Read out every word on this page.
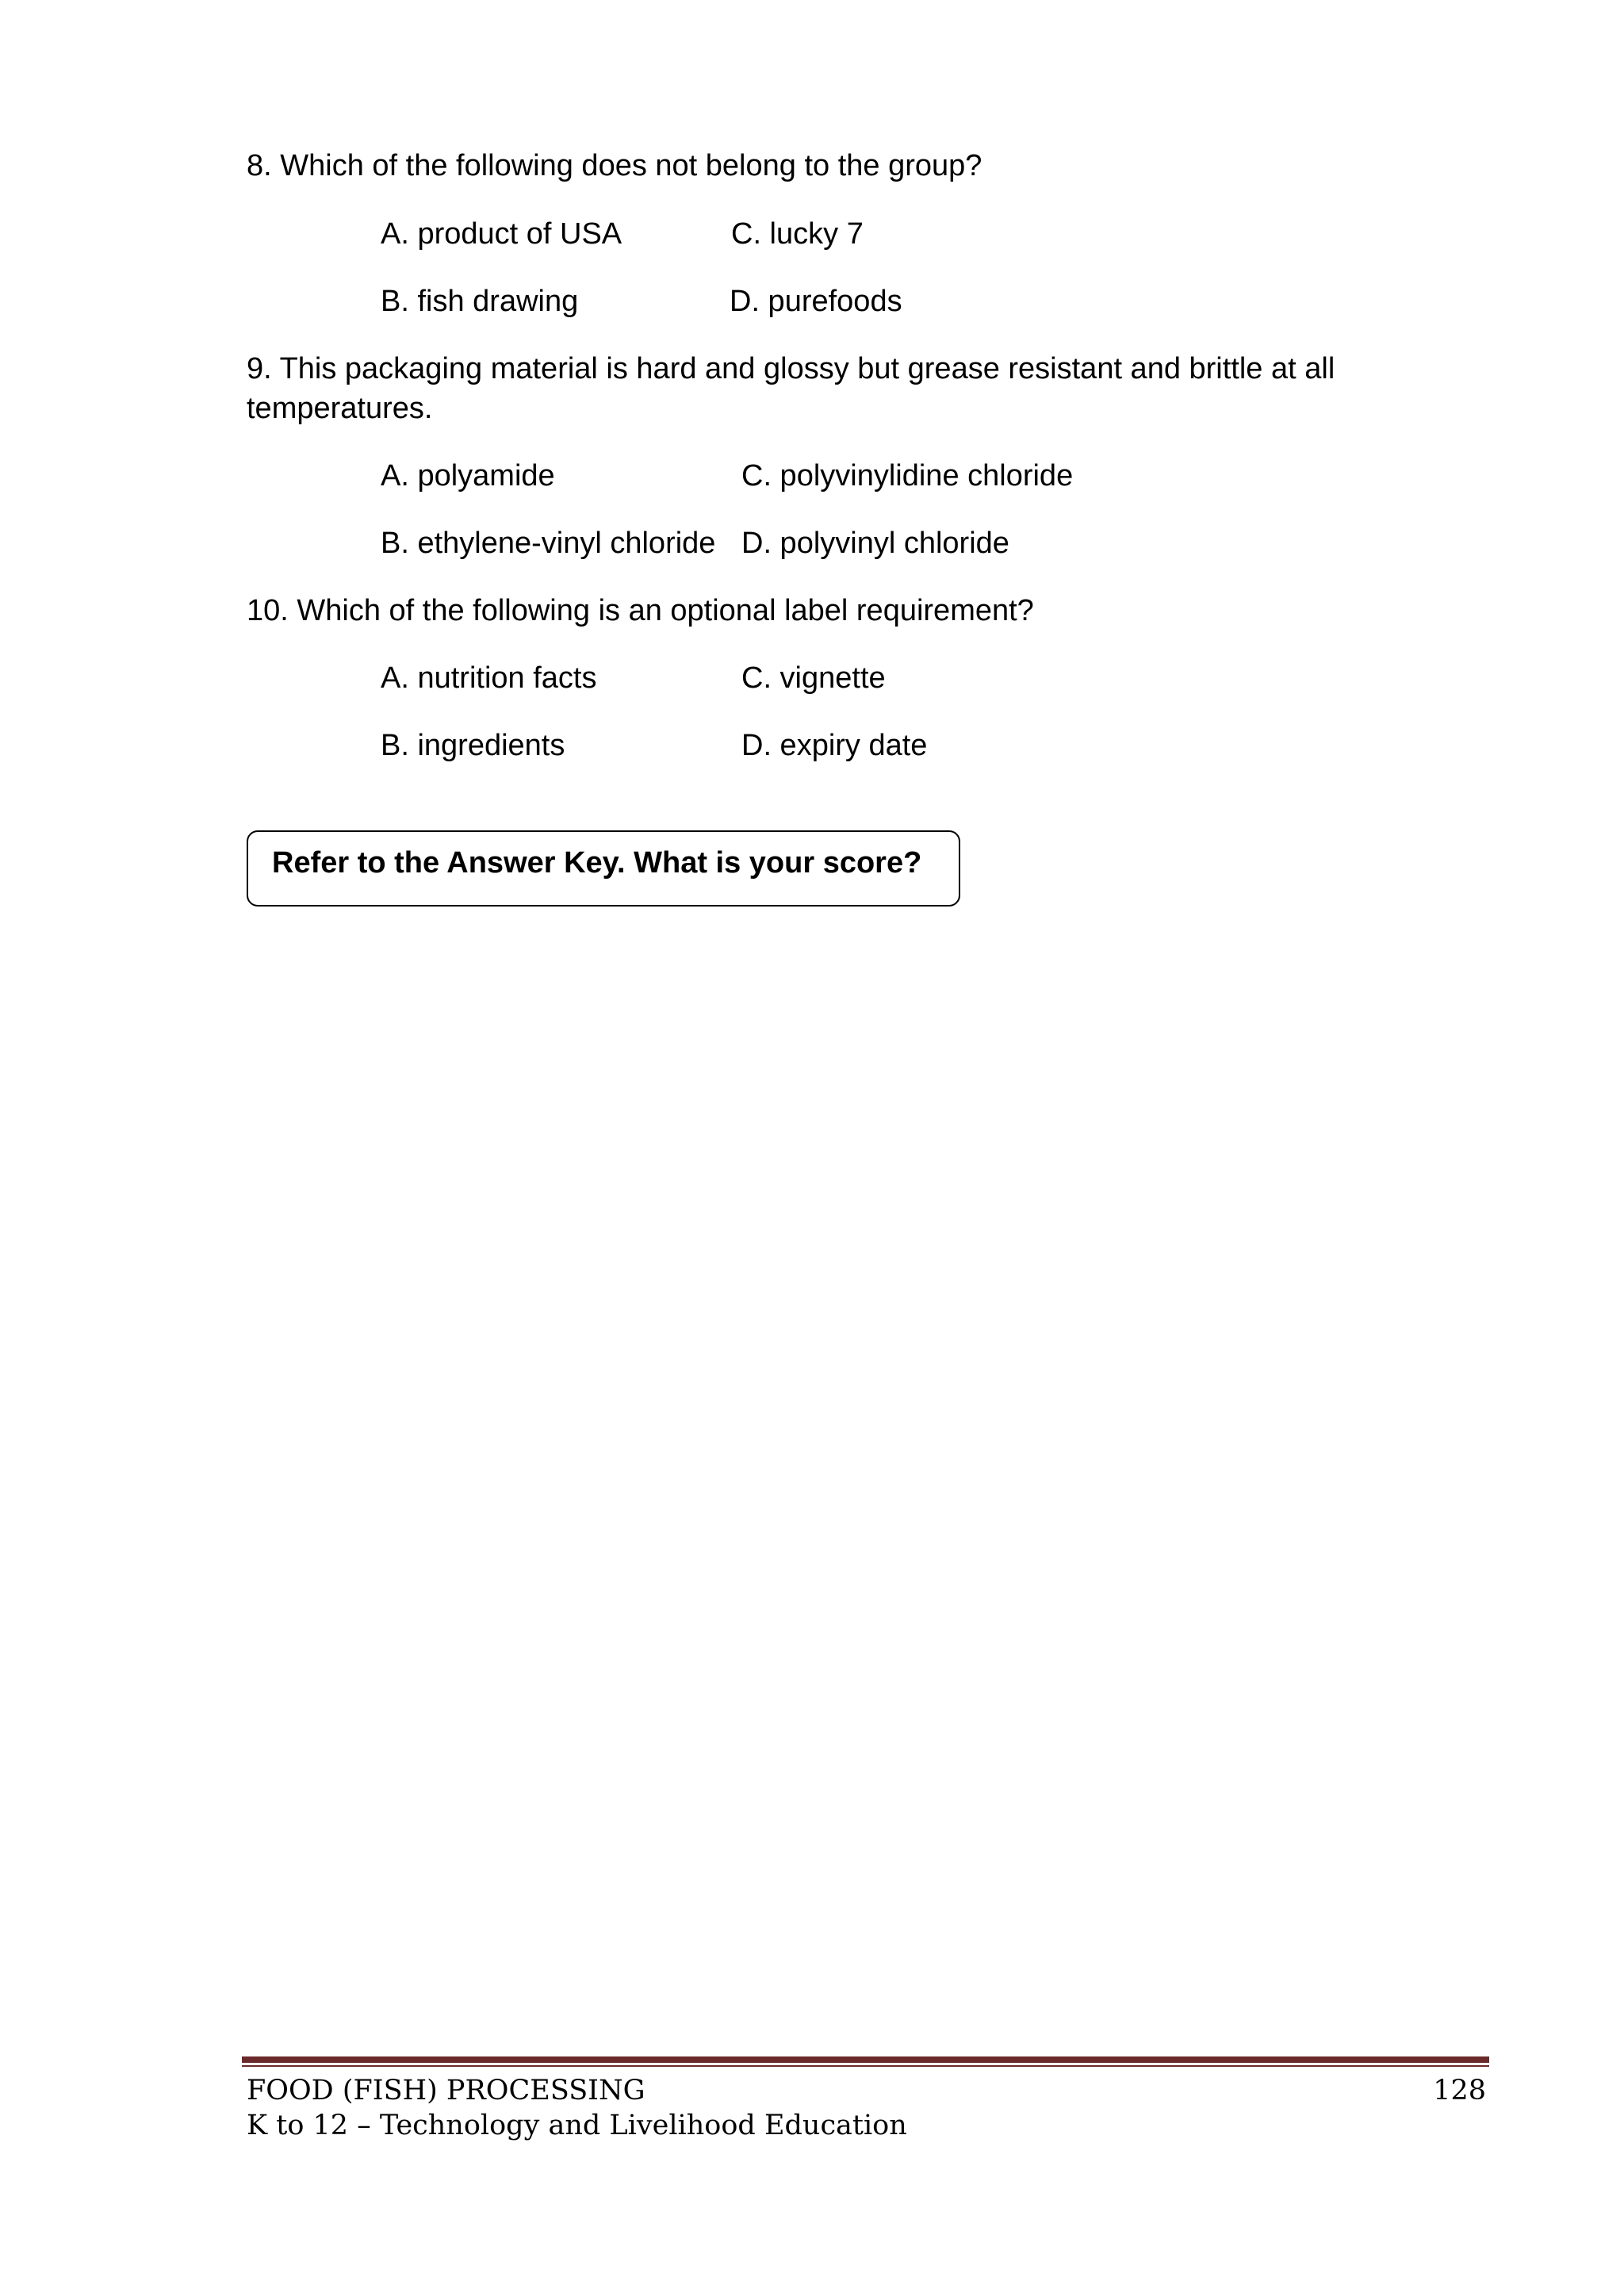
8. Which of the following does not belong to the group?
A. product of USA	C. lucky 7
B. fish drawing	D. purefoods
9. This packaging material is hard and glossy but grease resistant and brittle at all temperatures.
A. polyamide	C. polyvinylidine chloride
B. ethylene-vinyl chloride D. polyvinyl chloride
10. Which of the following is an optional label requirement?
A. nutrition facts	C. vignette
B. ingredients	D. expiry date
Refer to the Answer Key. What is your score?
FOOD (FISH) PROCESSING
K to 12 – Technology and Livelihood Education
128
